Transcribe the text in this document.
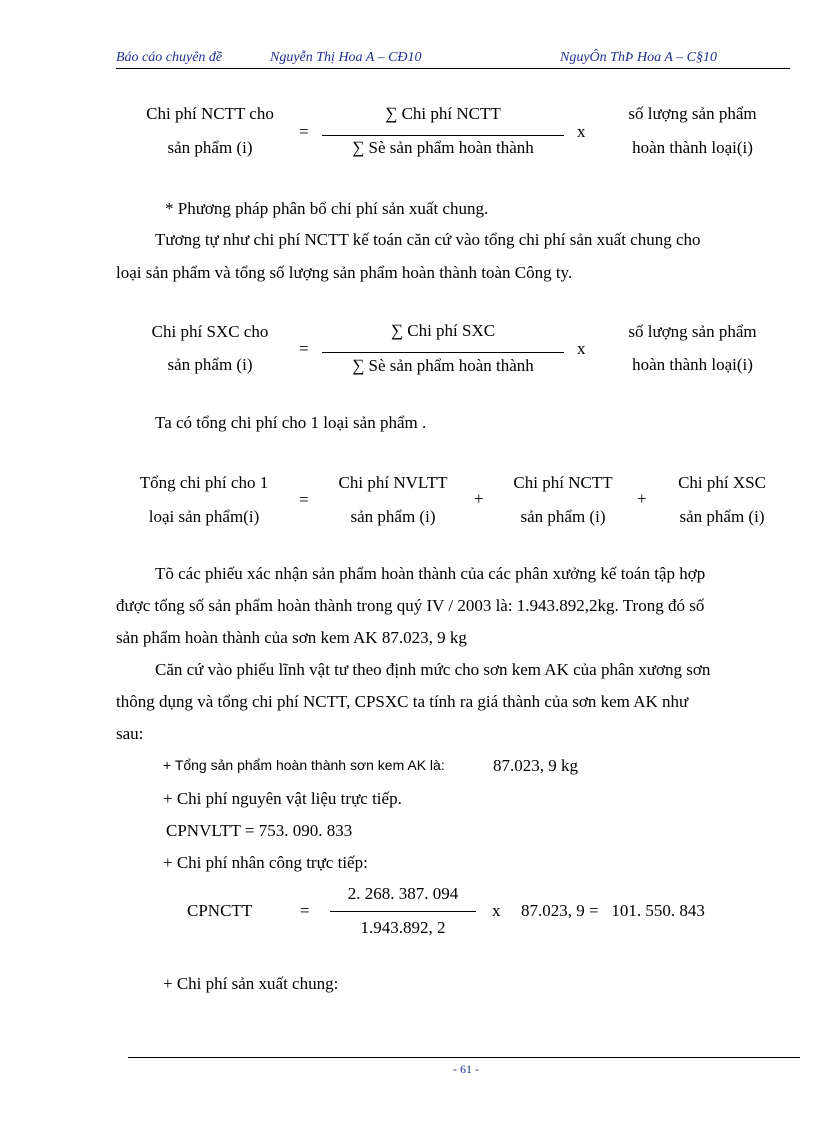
Báo cáo chuyên đề	Nguyễn Thị Hoa A – CĐ10	NguyÔn ThÞ Hoa A – C§10
Chi phí NCTT cho
sản phẩm (i)
=
∑ Chi phí NCTT
∑ Sè sản phẩm hoàn thành
x
số lượng sản phẩm
hoàn thành loại(i)
* Phương pháp phân bổ chi phí sản xuất chung.
Tương tự như chi phí NCTT kế toán căn cứ vào tổng chi phí sản xuất chung cho
loại sản phẩm và tổng số lượng sản phẩm hoàn thành toàn Công ty.
Chi phí SXC cho
sản phẩm (i)
=
∑ Chi phí SXC
∑ Sè sản phẩm hoàn thành
x
số lượng sản phẩm
hoàn thành loại(i)
Ta có tổng chi phí cho 1 loại sản phẩm .
Tổng chi phí cho 1
loại sản phẩm(i)
=
Chi phí NVLTT
sản phẩm (i)
+
Chi phí NCTT
sản phẩm (i)
+
Chi phí XSC
sản phẩm (i)
Tõ các phiếu xác nhận sản phẩm hoàn thành của các phân xưởng kế toán tập hợp
được tổng số sản phẩm hoàn thành trong quý IV / 2003 là: 1.943.892,2kg. Trong đó số
sản phẩm hoàn thành của sơn kem AK 87.023, 9 kg
Căn cứ vào phiếu lĩnh vật tư theo định mức cho sơn kem AK của phân xương sơn
thông dụng và tổng chi phí NCTT, CPSXC ta tính ra giá thành của sơn kem AK như
sau:
+ Tổng sản phẩm hoàn thành sơn kem AK là:	87.023, 9 kg
+ Chi phí nguyên vật liệu trực tiếp.
CPNVLTT = 753. 090. 833
+ Chi phí nhân công trực tiếp:
CPNCTT	=
2. 268. 387. 094
1.943.892, 2
x 87.023, 9 =   101. 550. 843
+ Chi phí sản xuất chung:
- 61 -
